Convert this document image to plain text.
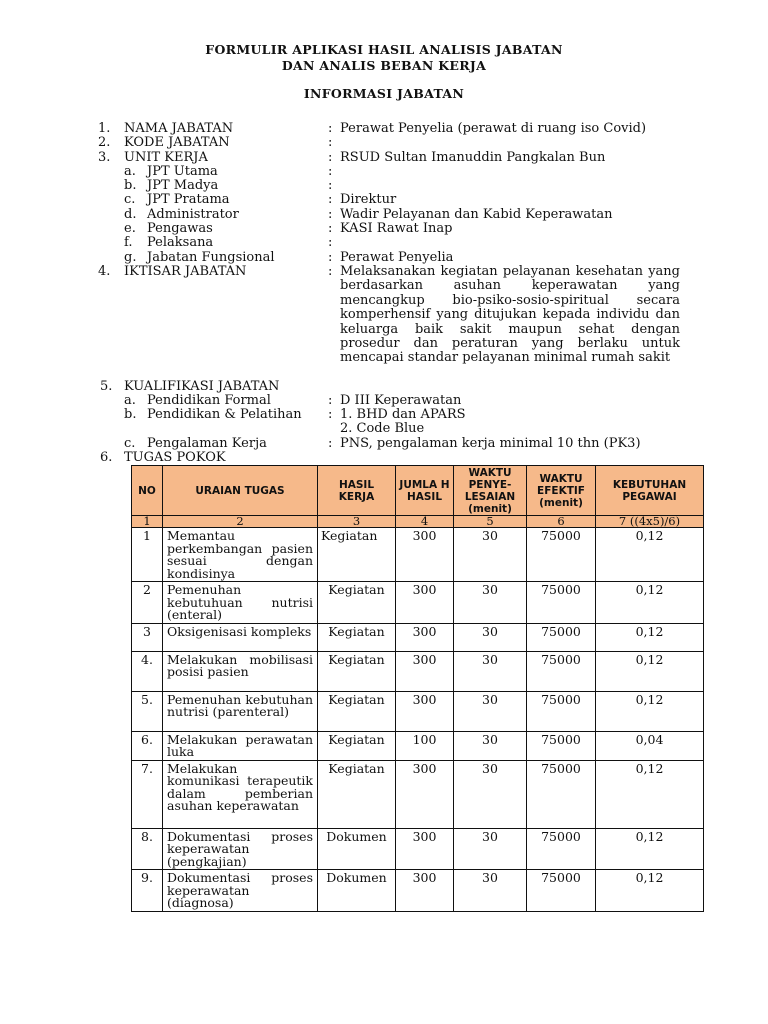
FORMULIR APLIKASI HASIL ANALISIS JABATAN
DAN ANALIS BEBAN KERJA
INFORMASI JABATAN
1. NAMA JABATAN	: Perawat Penyelia (perawat di ruang iso Covid)
2. KODE JABATAN	:
3. UNIT KERJA	: RSUD Sultan Imanuddin Pangkalan Bun
a. JPT Utama	:
b. JPT Madya	:
c. JPT Pratama	: Direktur
d. Administrator	: Wadir Pelayanan dan Kabid Keperawatan
e. Pengawas	: KASI Rawat Inap
f. Pelaksana	:
g. Jabatan Fungsional	: Perawat Penyelia
4. IKTISAR JABATAN	: Melaksanakan kegiatan pelayanan kesehatan yang berdasarkan asuhan keperawatan yang mencangkup bio-psiko-sosio-spiritual secara komperhensif yang ditujukan kepada individu dan keluarga baik sakit maupun sehat dengan prosedur dan peraturan yang berlaku untuk mencapai standar pelayanan minimal rumah sakit
5. KUALIFIKASI JABATAN
a. Pendidikan Formal	: D III Keperawatan
b. Pendidikan & Pelatihan : 1. BHD dan APARS
2. Code Blue
c. Pengalaman Kerja	: PNS, pengalaman kerja minimal 10 thn (PK3)
6. TUGAS POKOK
NO	URAIAN TUGAS	HASIL KERJA	JUMLA H HASIL	WAKTU PENYE-LESAIAN (menit)	WAKTU EFEKTIF (menit)	KEBUTUHAN PEGAWAI
1	2	3	4	5	6	7 ((4x5)/6)
1	Memantau perkembangan pasien sesuai dengan kondisinya	Kegiatan	300	30	75000	0,12
2	Pemenuhan kebutuhuan nutrisi (enteral)	Kegiatan	300	30	75000	0,12
3	Oksigenisasi kompleks	Kegiatan	300	30	75000	0,12
4.	Melakukan mobilisasi posisi pasien	Kegiatan	300	30	75000	0,12
5.	Pemenuhan kebutuhan nutrisi (parenteral)	Kegiatan	300	30	75000	0,12
6.	Melakukan perawatan luka	Kegiatan	100	30	75000	0,04
7.	Melakukan komunikasi terapeutik dalam pemberian asuhan keperawatan	Kegiatan	300	30	75000	0,12
8.	Dokumentasi proses keperawatan (pengkajian)	Dokumen	300	30	75000	0,12
9.	Dokumentasi proses keperawatan (diagnosa)	Dokumen	300	30	75000	0,12
